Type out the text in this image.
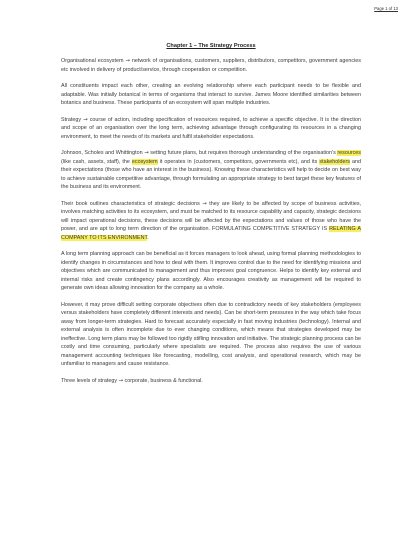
Page 1 of 13
Chapter 1 – The Strategy Process

Organisational ecosystem → network of organisations, customers, suppliers, distributors, competitors, government agencies etc involved in delivery of product/service, through cooperation or competition.

All constituents impact each other, creating an evolving relationship where each participant needs to be flexible and adaptable. Was initially botanical in terms of organisms that interact to survive. James Moore identified similarities between botanics and business. These participants of an ecosystem will span multiple industries.

Strategy → course of action, including specification of resources required, to achieve a specific objective. It is the direction and scope of an organisation over the long term, achieving advantage through configurating its resources in a changing environment, to meet the needs of its markets and fulfil stakeholder expectations.

Johnson, Scholes and Whittington → setting future plans, but requires thorough understanding of the organisation's resources (like cash, assets, staff), the ecosystem it operates in (customers, competitors, governments etc), and its stakeholders and their expectations (those who have an interest in the business). Knowing these characteristics will help to decide on best way to achieve sustainable competitive advantage, through formulating an appropriate strategy to best target these key features of the business and its environment.

Their book outlines characteristics of strategic decisions → they are likely to be affected by scope of business activities, involves matching activities to its ecosystem, and must be matched to its resource capability and capacity, strategic decisions will impact operational decisions, these decisions will be affected by the expectations and values of those who have the power, and are apt to long term direction of the organisation. FORMULATING COMPETITIVE STRATEGY IS RELATING A COMPANY TO ITS ENVIRONMENT.

A long term planning approach can be beneficial as it forces managers to look ahead, using formal planning methodologies to identify changes in circumstances and how to deal with them. It improves control due to the need for identifying missions and objectives which are communicated to management and thus improves goal congruence. Helps to identify key external and internal risks and create contingency plans accordingly. Also encourages creativity as management will be required to generate own ideas allowing innovation for the company as a whole.

However, it may prove difficult setting corporate objectives often due to contradictory needs of key stakeholders (employees versus stakeholders have completely different interests and needs). Can be short-term pressures in the way which take focus away from longer-term strategies. Hard to forecast accurately especially in fast moving industries (technology). Internal and external analysis is often incomplete due to ever changing conditions, which means that strategies developed may be ineffective. Long term plans may be followed too rigidly stifling innovation and initiative. The strategic planning process can be costly and time consuming, particularly where specialists are required. The process also requires the use of various management accounting techniques like forecasting, modelling, cost analysis, and operational research, which may be unfamiliar to managers and cause resistance.

Three levels of strategy → corporate, business & functional.
